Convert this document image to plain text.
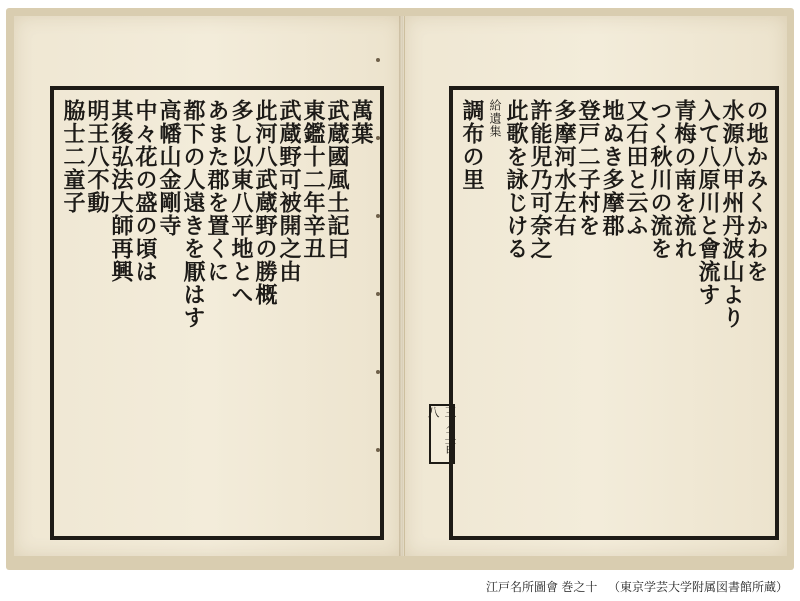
萬葉
武蔵國風土記曰
東鑑十二年辛丑
武蔵野可被開之由
此河八武蔵野の勝概
多し以東八平地とへ
あまた郡を置くに
都下の人遠きを厭はす
高幡山金剛寺
中々花の盛の頃は
其後弘法大師再興
明王八不動
脇士二童子
三ノ二百八
の地かみくかわを
水源八甲州丹波山より
入て八原川と會流す
青梅の南を流れ
つく秋川の流を
又石田と云ふ
地ぬき多摩郡
登戸二子村を
多摩河水左右
許能児乃可奈之
此歌を詠じける
給遺集
調布の里
江戸名所圖會 巻之十 （東京学芸大学附属図書館所蔵）
